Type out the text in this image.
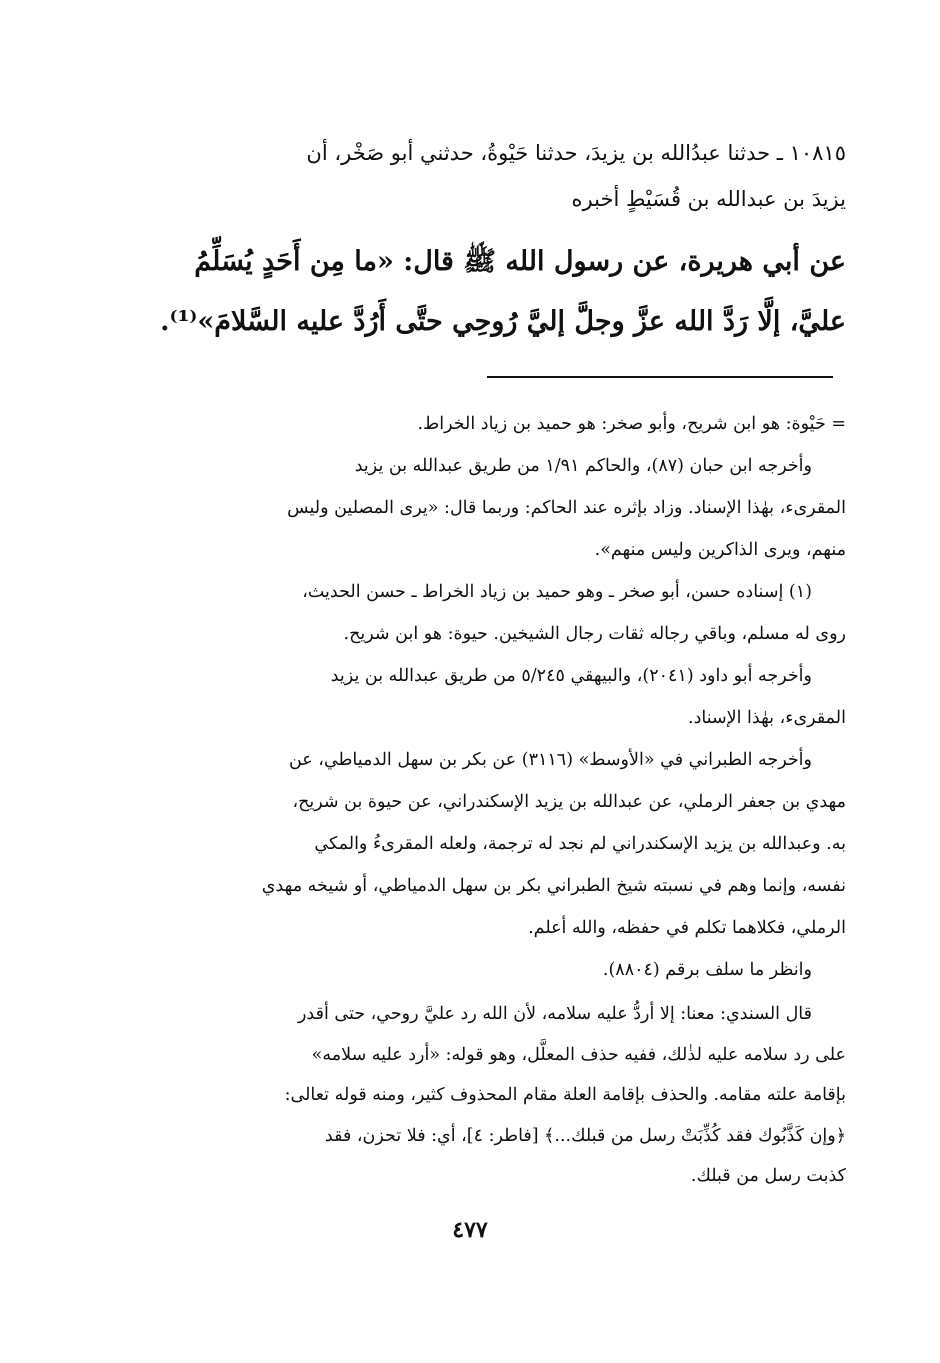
١٠٨١٥ ـ حدثنا عبدُالله بن يزيدَ، حدثنا حَيْوةُ، حدثني أبو صَخْر، أن
يزيدَ بن عبدالله بن قُسَيْطٍ أخبره
عن أبي هريرة، عن رسول الله ﷺ قال: «ما مِن أَحَدٍ يُسَلِّمُ
عليَّ، إلَّا رَدَّ الله عزَّ وجلَّ إليَّ رُوحِي حتَّى أَرُدَّ عليه السَّلامَ»⁽¹⁾.
= حَيْوة: هو ابن شريح، وأبو صخر: هو حميد بن زياد الخراط.
وأخرجه ابن حبان (٨٧)، والحاكم ١/٩١ من طريق عبدالله بن يزيد
المقرىء، بهٰذا الإسناد. وزاد بإثره عند الحاكم: وربما قال: «يرى المصلين وليس
منهم، ويرى الذاكرين وليس منهم».
(١) إسناده حسن، أبو صخر ـ وهو حميد بن زياد الخراط ـ حسن الحديث،
روى له مسلم، وباقي رجاله ثقات رجال الشيخين. حيوة: هو ابن شريح.
وأخرجه أبو داود (٢٠٤١)، والبيهقي ٥/٢٤٥ من طريق عبدالله بن يزيد
المقرىء، بهٰذا الإسناد.
وأخرجه الطبراني في «الأوسط» (٣١١٦) عن بكر بن سهل الدمياطي، عن
مهدي بن جعفر الرملي، عن عبدالله بن يزيد الإسكندراني، عن حيوة بن شريح،
به. وعبدالله بن يزيد الإسكندراني لم نجد له ترجمة، ولعله المقرىءُ والمكي
نفسه، وإنما وهم في نسبته شيخ الطبراني بكر بن سهل الدمياطي، أو شيخه مهدي
الرملي، فكلاهما تكلم في حفظه، والله أعلم.
وانظر ما سلف برقم (٨٨٠٤).
قال السندي: معنا: إلا أردُّ عليه سلامه، لأن الله رد عليَّ روحي، حتى أقدر
على رد سلامه عليه لذٰلك، ففيه حذف المعلَّل، وهو قوله: «أرد عليه سلامه»
بإقامة علته مقامه. والحذف بإقامة العلة مقام المحذوف كثير، ومنه قوله تعالى:
﴿وإن كَذَّبُوك فقد كُذِّبَتْ رسل من قبلك...﴾ [فاطر: ٤]، أي: فلا تحزن، فقد
كذبت رسل من قبلك.
٤٧٧
